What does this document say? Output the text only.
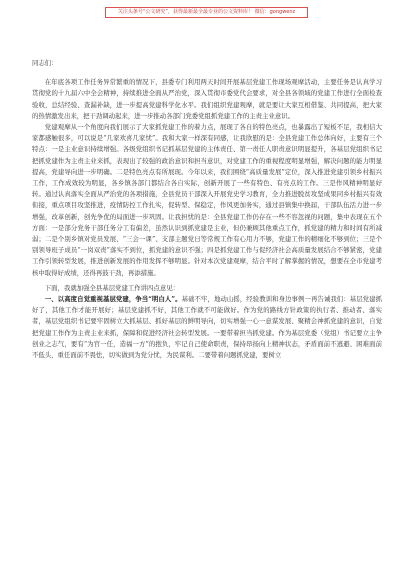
关注头条号“公文研究”，获得最新最全最专业的公文资料库！ 微信：gongwenz

同志们：

在年底各项工作任务异常繁重的情况下，县委专门利用两天时间开展基层党建工作现场观摩活动，主要任务是认真学习贯彻党的十九届六中全会精神，持续推进全面从严治党，深入贯彻市委党代会要求，对全县各领域的党建工作进行全面检查验收，总结经验、查漏补缺，进一步提高党建科学化水平。我们组织党建观摩，就是要让大家互相借鉴、共同提高，把大家的热情激发出来，把干劲调动起来，进一步推动各部门党委党组抓党建工作的主责主业意识。

党建观摩从一个角度向我们展示了大家抓党建工作的着力点，展现了各自的特色亮点，也暴露出了短板不足，我相信大家都感触很多，可以说是“几家欢喜几家忧”。我和大家一样深有同感，让我欣慰的是：全县党建工作总体向好，主要有三个特点：一是主业意识持续增强。各级党组织书记抓基层党建的主体责任、第一责任人职责意识明显提升，各基层党组织书记把抓党建作为主责主业来抓，表现出了较强的政治意识和担当意识，对党建工作的重视程度明显增强，解决问题的能力明显提高，党建导向进一步明确。二是特色亮点有所展现。今年以来，我们围绕“高质量发展”定位，深入推进党建引领乡村振兴工作，工作成效较为明显，各乡镇各部门都结合各自实际，创新开展了一些有特色、有亮点的工作。三是作风精神明显好转。通过认真落实全面从严治党的各项措施，全县党员干部深入开展党史学习教育，全力推进脱贫攻坚成果同乡村振兴有效衔接，重点项目攻坚推进，疫情防控工作扎实，促转型、保稳定，作风更加务实，通过县镇集中换届，干部队伍活力进一步增强，改革创新，创先争优的局面进一步巩固。让我担忧的是：全县党建工作仍存在一些不容忽视的问题，集中表现在五个方面：一是部分党务干部任务分工有偏差，虽然认识到抓党建是主业，但仍兼顾其他重点工作，抓党建的精力和时间有所减弱；二是个别乡镇对党员发展、“三会一课”、支部主题党日等常规工作有心用力不够，党建工作的精细化不够到位；三是个别领导班子成员“一岗双责”落实不到位，抓党建的意识不强；四是抓党建工作与促经济社会高质量发展结合不够紧密，党建工作引领转型发展，推进创新发展的作用发挥不够明显。针对本次党建观摩，结合平时了解掌握的情况，想要在全市党建考核中取得好成绩，还得再鼓干劲，再添措施。

下面，我就加强全县基层党建工作讲四点意见：

一、以高度自觉重视基层党建，争当“明白人”。基础不牢，地动山摇，经验教训和身边事例一再告诫我们：基层党建抓好了，其他工作才能开展好；基层党建抓不好，其他工作就不可能做好。作为党的路线方针政策的执行者、推动者、落实者，基层党组织书记要牢固树立大抓基层、抓好基层的鲜明导向，切实增强一心一意谋发展、聚精会神抓党建的意识，自觉把党建工作作为主责主业来抓，保障和促进经济社会转型发展。一要带着担当抓党建。作为基层党委（党组）书记要立主争创业之志气，要有“为官一任，造福一方”的抱负，牢记自己使命职责，保持昂扬向上精神状态，矛盾面前不逃避、困难面前不低头，重任面前不畏怯，切实做到为党分忧，为民谋利。二要带着问题抓党建，要树立
